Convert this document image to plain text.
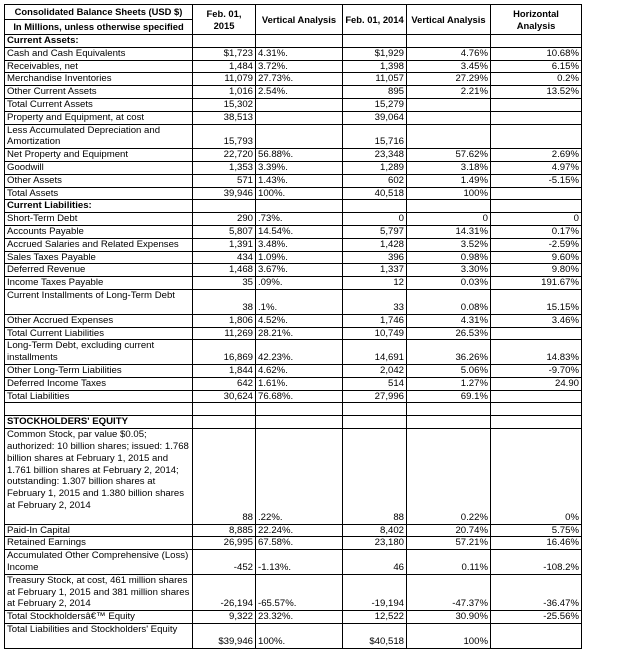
Consolidated Balance Sheets (USD $)	Feb. 01, 2015	Vertical Analysis	Feb. 01, 2014	Vertical Analysis	Horizontal Analysis
In Millions, unless otherwise specified					
Current Assets:					
Cash and Cash Equivalents	$1,723	4.31%.	$1,929	4.76%	10.68%
Receivables, net	1,484	3.72%.	1,398	3.45%	6.15%
Merchandise Inventories	11,079	27.73%.	11,057	27.29%	0.2%
Other Current Assets	1,016	2.54%.	895	2.21%	13.52%
Total Current Assets	15,302		15,279		
Property and Equipment, at cost	38,513		39,064		
Less Accumulated Depreciation and Amortization	15,793		15,716		
Net Property and Equipment	22,720	56.88%.	23,348	57.62%	2.69%
Goodwill	1,353	3.39%.	1,289	3.18%	4.97%
Other Assets	571	1.43%.	602	1.49%	-5.15%
Total Assets	39,946	100%.	40,518	100%	
Current Liabilities:					
Short-Term Debt	290	.73%.	0	0	0
Accounts Payable	5,807	14.54%.	5,797	14.31%	0.17%
Accrued Salaries and Related Expenses	1,391	3.48%.	1,428	3.52%	-2.59%
Sales Taxes Payable	434	1.09%.	396	0.98%	9.60%
Deferred Revenue	1,468	3.67%.	1,337	3.30%	9.80%
Income Taxes Payable	35	.09%.	12	0.03%	191.67%
Current Installments of Long-Term Debt	38	.1%.	33	0.08%	15.15%
Other Accrued Expenses	1,806	4.52%.	1,746	4.31%	3.46%
Total Current Liabilities	11,269	28.21%.	10,749	26.53%	
Long-Term Debt, excluding current installments	16,869	42.23%.	14,691	36.26%	14.83%
Other Long-Term Liabilities	1,844	4.62%.	2,042	5.06%	-9.70%
Deferred Income Taxes	642	1.61%.	514	1.27%	24.90
Total Liabilities	30,624	76.68%.	27,996	69.1%	

STOCKHOLDERS' EQUITY					
Common Stock, par value $0.05; authorized: 10 billion shares; issued: 1.768 billion shares at February 1, 2015 and 1.761 billion shares at February 2, 2014; outstanding: 1.307 billion shares at February 1, 2015 and 1.380 billion shares at February 2, 2014	88	.22%.	88	0.22%	0%
Paid-In Capital	8,885	22.24%.	8,402	20.74%	5.75%
Retained Earnings	26,995	67.58%.	23,180	57.21%	16.46%
Accumulated Other Comprehensive (Loss) Income	-452	-1.13%.	46	0.11%	-108.2%
Treasury Stock, at cost, 461 million shares at February 1, 2015 and 381 million shares at February 2, 2014	-26,194	-65.57%.	-19,194	-47.37%	-36.47%
Total Stockholdersâ€™ Equity	9,322	23.32%.	12,522	30.90%	-25.56%
Total Liabilities and Stockholders' Equity	$39,946	100%.	$40,518	100%	
